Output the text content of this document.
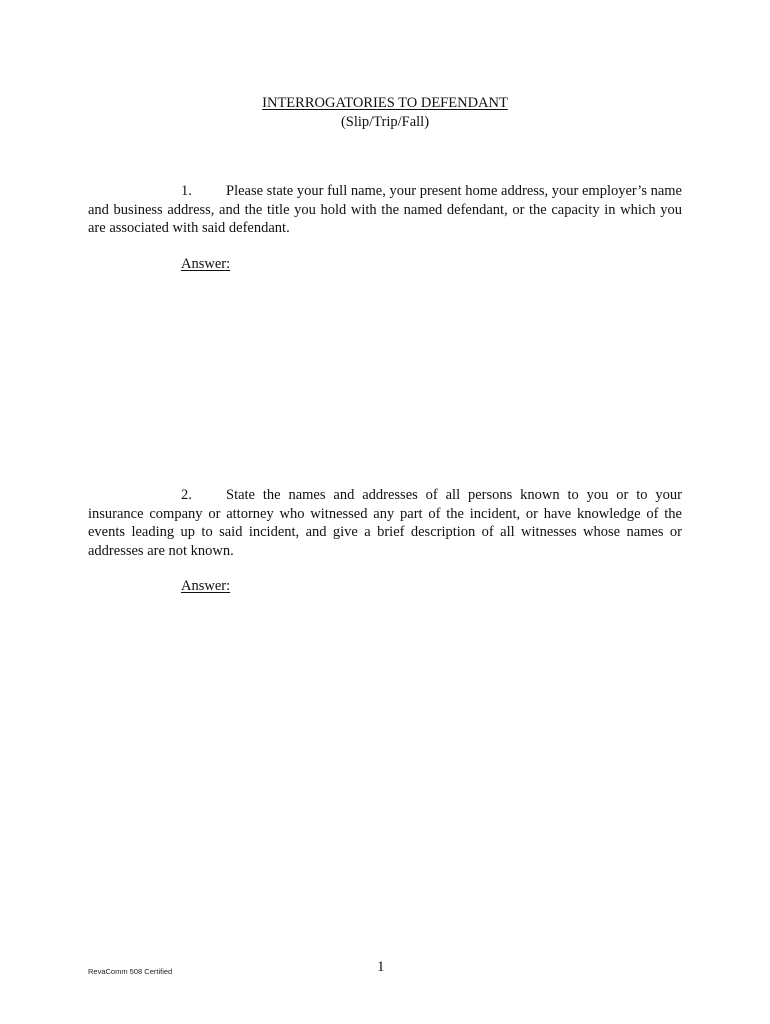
INTERROGATORIES TO DEFENDANT
(Slip/Trip/Fall)

1. Please state your full name, your present home address, your employer’s name and business address, and the title you hold with the named defendant, or the capacity in which you are associated with said defendant.

Answer:

2. State the names and addresses of all persons known to you or to your insurance company or attorney who witnessed any part of the incident, or have knowledge of the events leading up to said incident, and give a brief description of all witnesses whose names or addresses are not known.

Answer:
RevaComm 508 Certified	1
